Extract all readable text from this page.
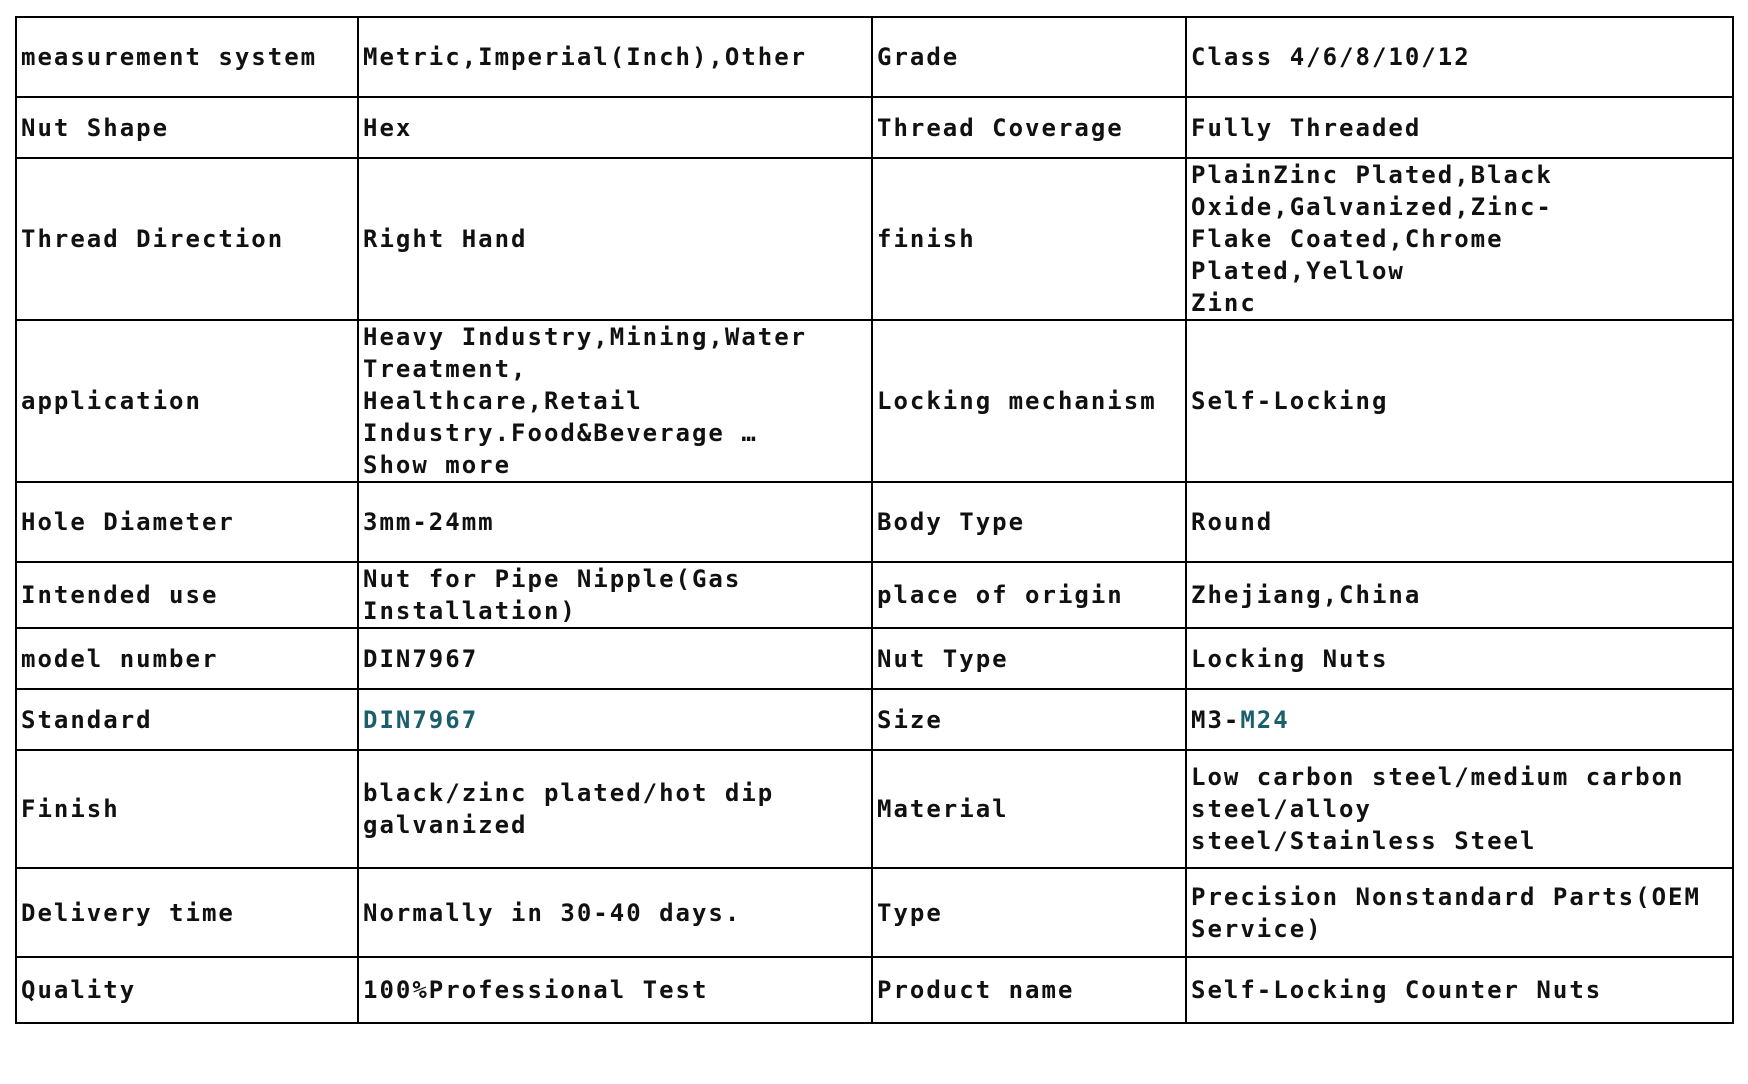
measurement system	Metric,Imperial(Inch),Other	Grade	Class 4/6/8/10/12
Nut Shape	Hex	Thread Coverage	Fully Threaded
Thread Direction	Right Hand	finish	PlainZinc Plated,Black
Oxide,Galvanized,Zinc-
Flake Coated,Chrome Plated,Yellow
Zinc

application	Heavy Industry,Mining,Water
Treatment,
Healthcare,Retail
Industry.Food&Beverage …
Show more	Locking mechanism	Self-Locking
Hole Diameter	3mm-24mm	Body Type	Round
Intended use	Nut for Pipe Nipple(Gas
Installation)	place of origin	Zhejiang,China
model number	DIN7967	Nut Type	Locking Nuts
Standard	DIN7967	Size	M3-M24
Finish	black/zinc plated/hot dip
galvanized	Material	Low carbon steel/medium carbon
steel/alloy
steel/Stainless Steel

Delivery time	Normally in 30-40 days.	Type	Precision Nonstandard Parts(OEM
Service)

Quality	100%Professional Test	Product name	Self-Locking Counter Nuts
